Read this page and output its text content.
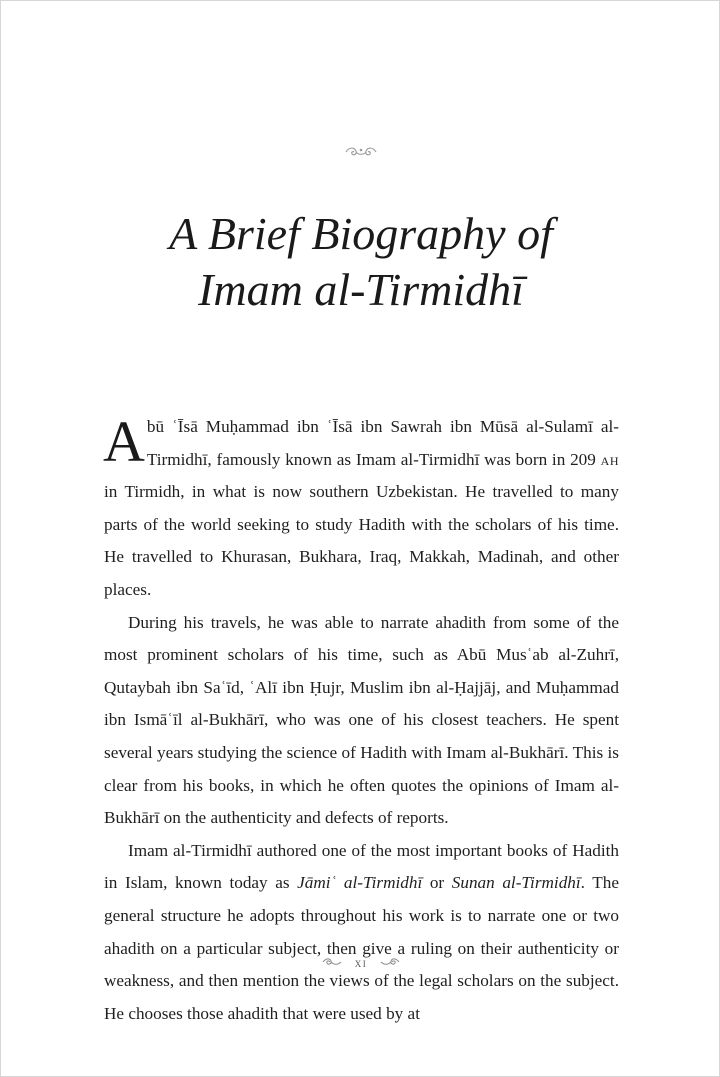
A Brief Biography of
Imam al-Tirmidhī

Abū ʿĪsā Muḥammad ibn ʿĪsā ibn Sawrah ibn Mūsā al-Sulamī al-Tirmidhī, famously known as Imam al-Tirmidhī was born in 209 ah in Tirmidh, in what is now southern Uzbekistan. He travelled to many parts of the world seeking to study Hadith with the scholars of his time. He travelled to Khurasan, Bukhara, Iraq, Makkah, Madinah, and other places.

During his travels, he was able to narrate ahadith from some of the most prominent scholars of his time, such as Abū Musʿab al-Zuhrī, Qutaybah ibn Saʿīd, ʿAlī ibn Ḥujr, Muslim ibn al-Ḥajjāj, and Muḥammad ibn Ismāʿīl al-Bukhārī, who was one of his closest teachers. He spent several years studying the science of Hadith with Imam al-Bukhārī. This is clear from his books, in which he often quotes the opinions of Imam al-Bukhārī on the authenticity and defects of reports.

Imam al-Tirmidhī authored one of the most important books of Hadith in Islam, known today as Jāmiʿ al-Tirmidhī or Sunan al-Tirmidhī. The general structure he adopts throughout his work is to narrate one or two ahadith on a particular subject, then give a ruling on their authenticity or weakness, and then mention the views of the legal scholars on the subject. He chooses those ahadith that were used by at

xi
